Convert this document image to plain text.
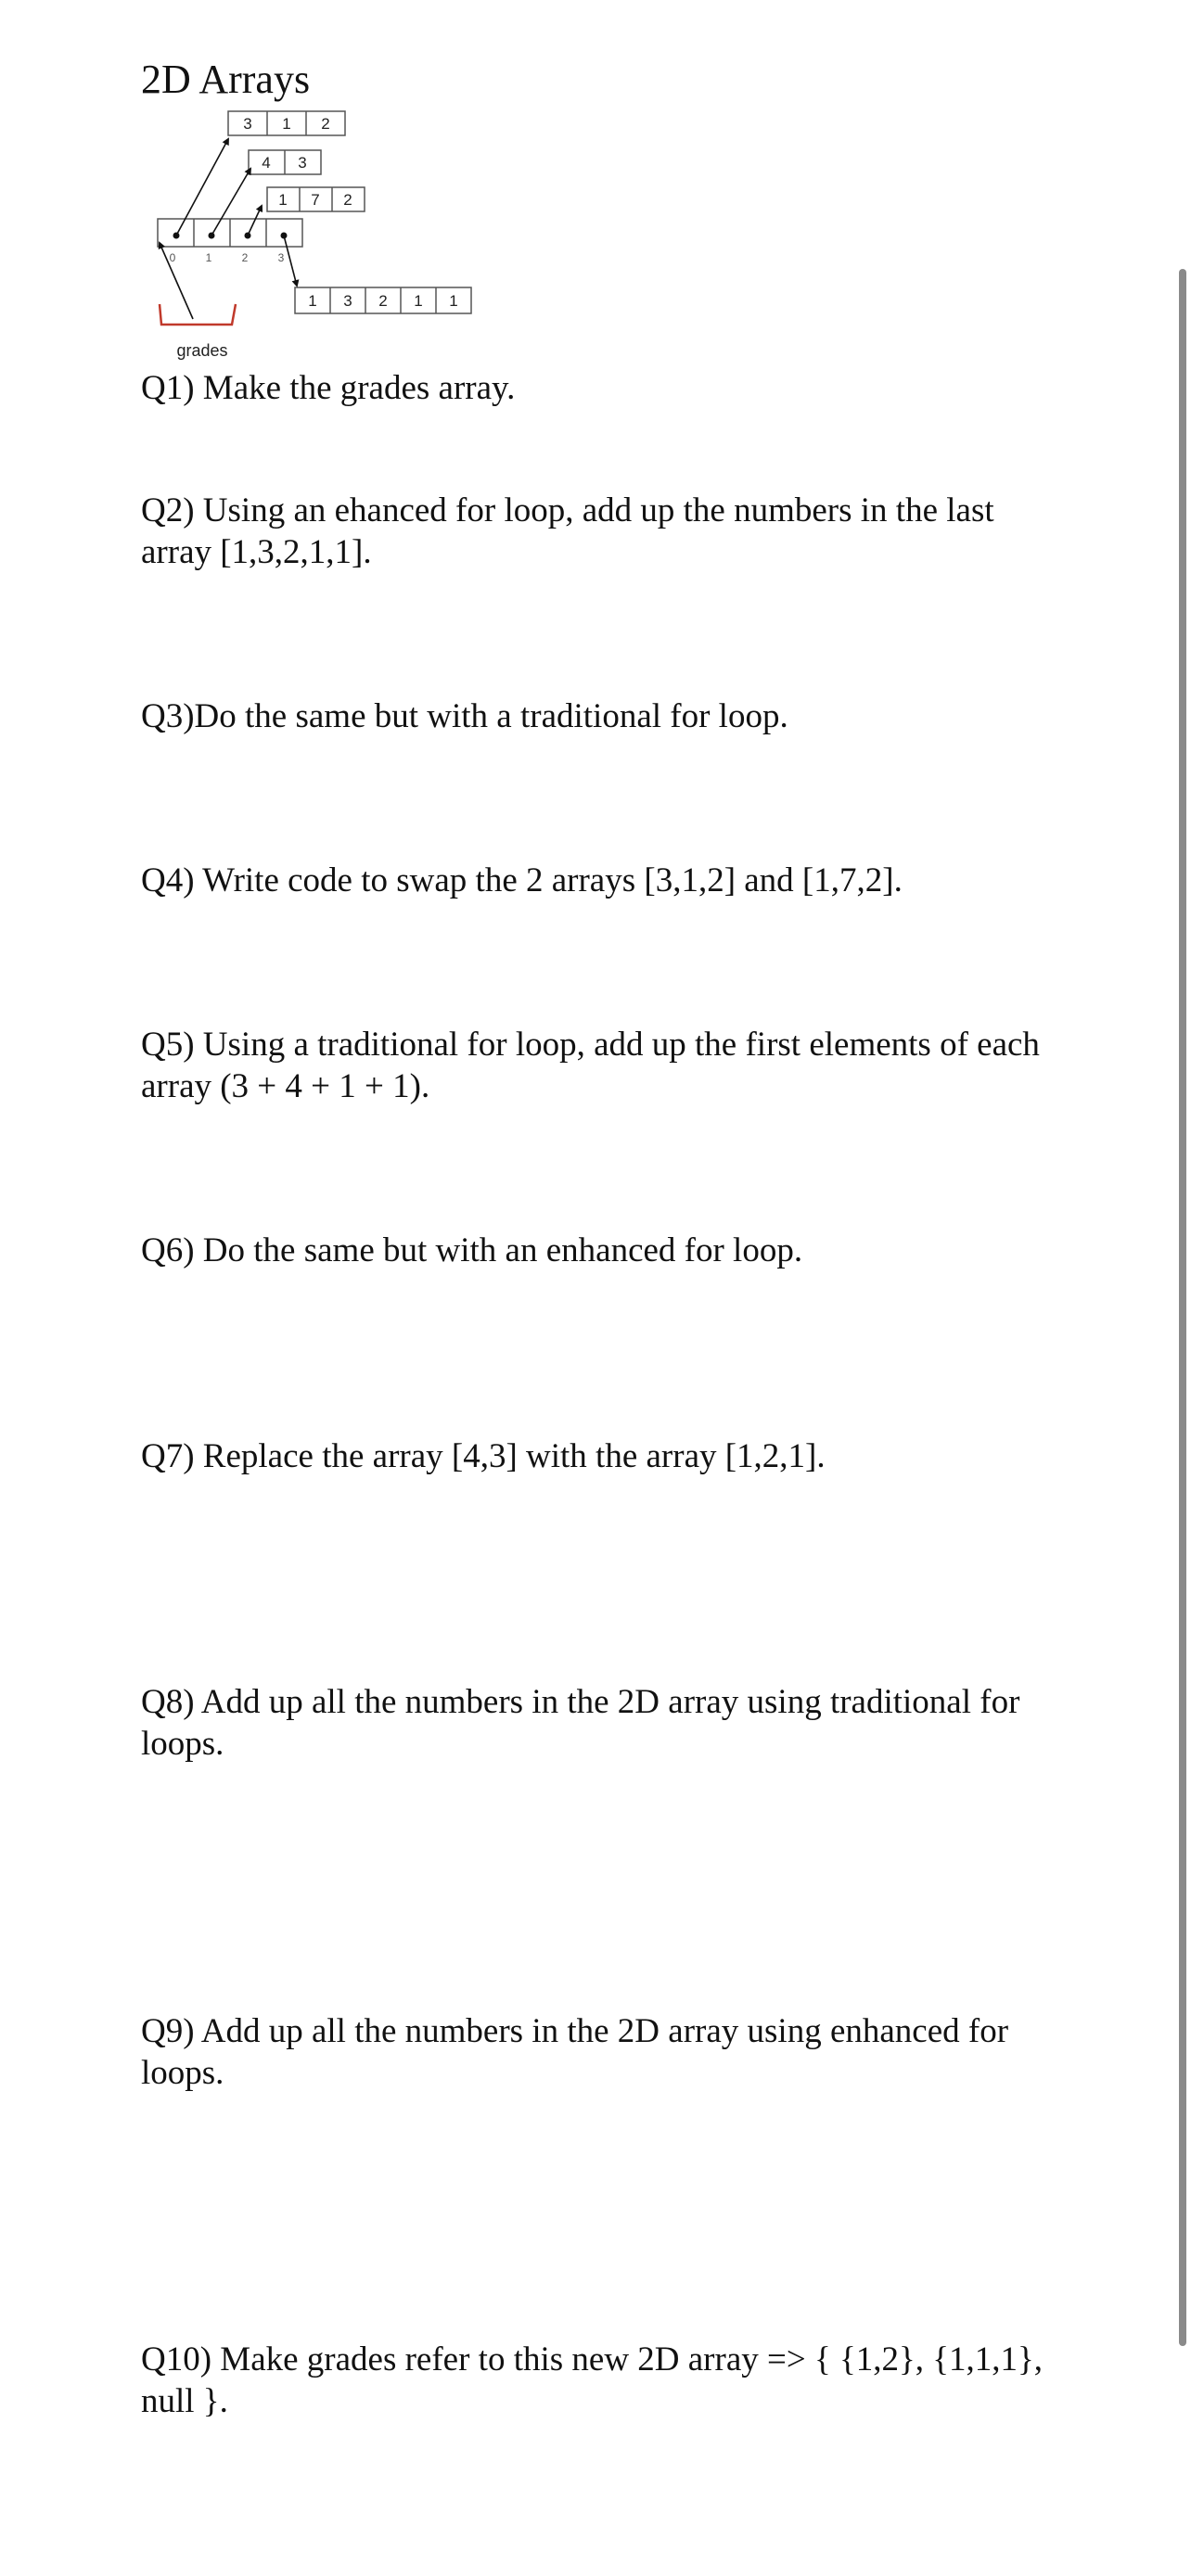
2D Arrays
3 1 2
4 3
1 7 2
0	1	2	3
1 3 2 1 1
grades

Q1) Make the grades array.

Q2) Using an ehanced for loop, add up the numbers in the last array [1,3,2,1,1].

Q3)Do the same but with a traditional for loop.

Q4) Write code to swap the 2 arrays [3,1,2] and [1,7,2].

Q5) Using a traditional for loop, add up the first elements of each array (3 + 4 + 1 + 1).

Q6) Do the same but with an enhanced for loop.

Q7) Replace the array [4,3] with the array [1,2,1].

Q8) Add up all the numbers in the 2D array using traditional for loops.

Q9) Add up all the numbers in the 2D array using enhanced for loops.

Q10) Make grades refer to this new 2D array => { {1,2}, {1,1,1}, null }.
